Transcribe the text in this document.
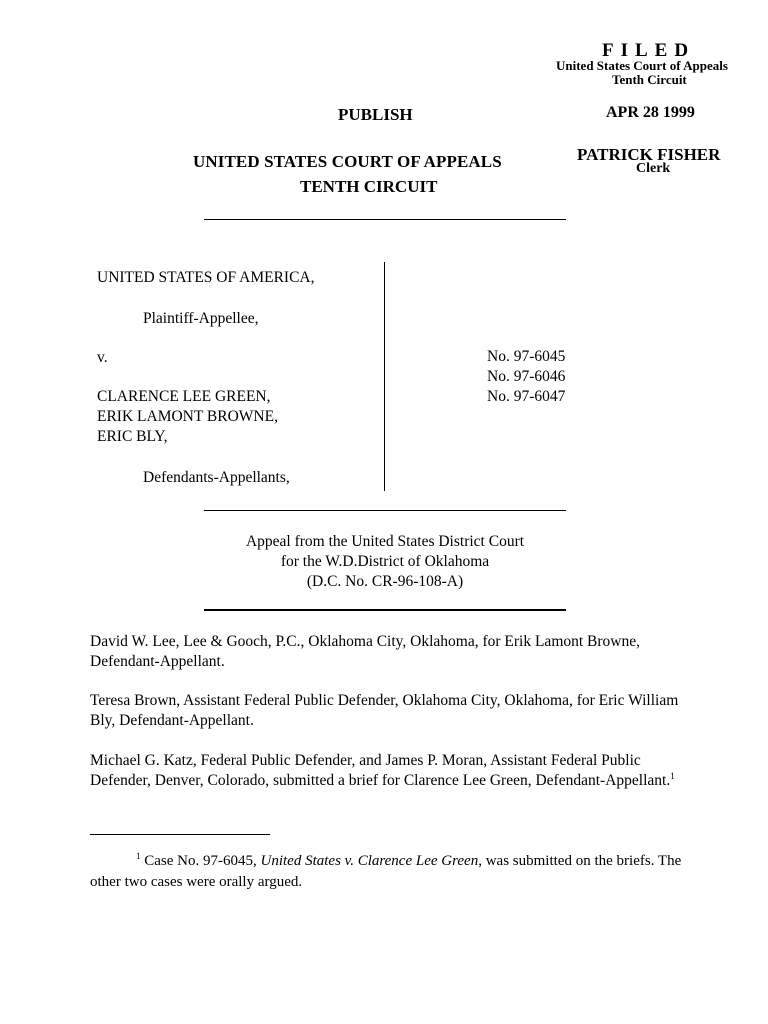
FILED
United States Court of Appeals
Tenth Circuit
APR 28 1999
PATRICK FISHER
Clerk
PUBLISH
UNITED STATES COURT OF APPEALS
TENTH CIRCUIT
UNITED STATES OF AMERICA,
Plaintiff-Appellee,
v.
CLARENCE LEE GREEN,
ERIK LAMONT BROWNE,
ERIC BLY,
Defendants-Appellants,
No. 97-6045
No. 97-6046
No. 97-6047
Appeal from the United States District Court
for the W.D.District of Oklahoma
(D.C. No. CR-96-108-A)
David W. Lee, Lee & Gooch, P.C., Oklahoma City, Oklahoma, for Erik Lamont Browne, Defendant-Appellant.
Teresa Brown, Assistant Federal Public Defender, Oklahoma City, Oklahoma, for Eric William Bly, Defendant-Appellant.
Michael G. Katz, Federal Public Defender, and James P. Moran, Assistant Federal Public Defender, Denver, Colorado, submitted a brief for Clarence Lee Green, Defendant-Appellant.$^1$
$^1$ Case No. 97-6045, United States v. Clarence Lee Green, was submitted on the briefs. The other two cases were orally argued.
